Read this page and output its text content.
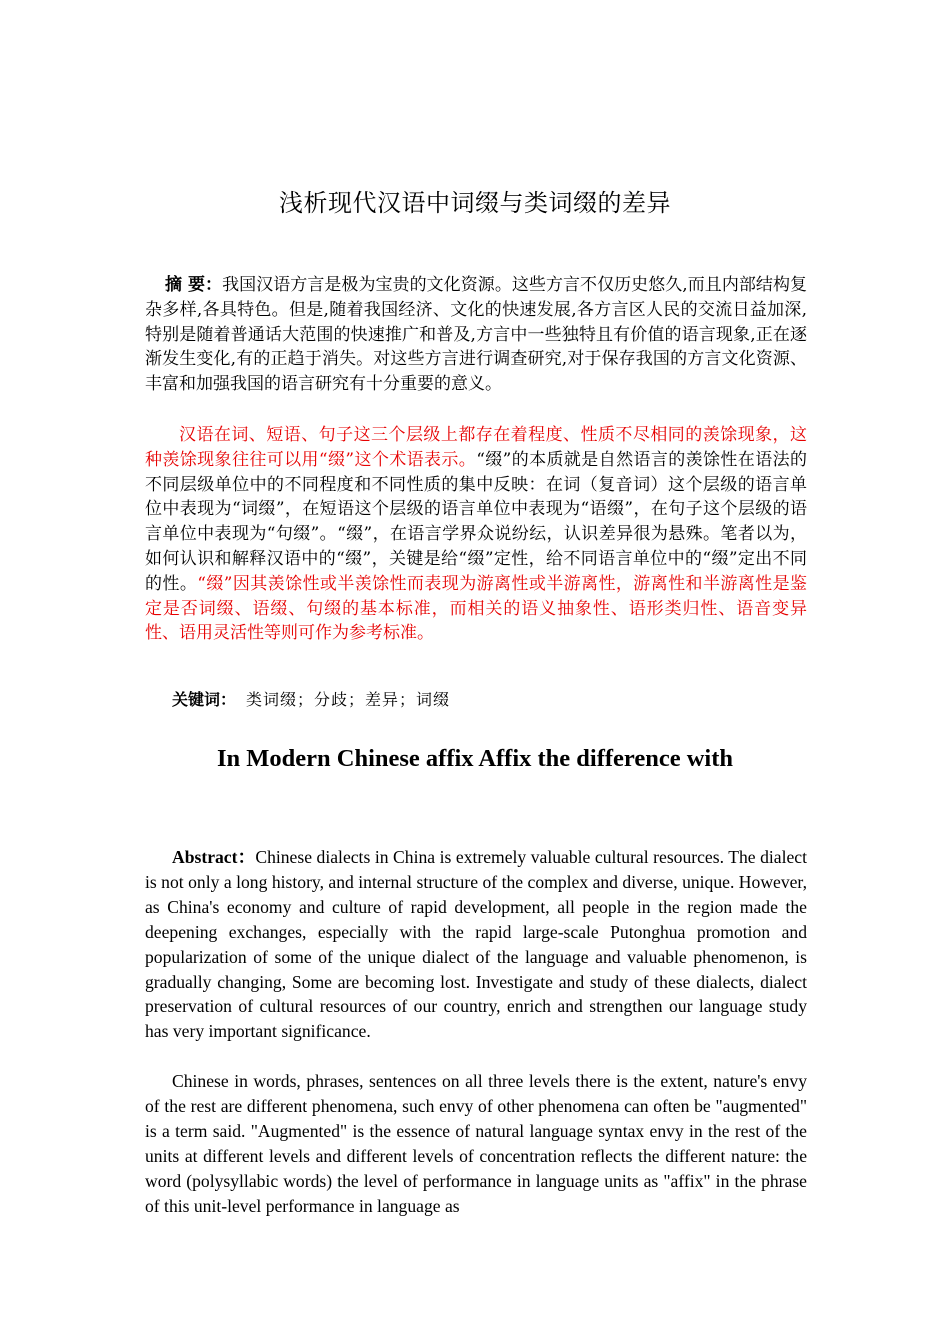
浅析现代汉语中词缀与类词缀的差异

摘 要：我国汉语方言是极为宝贵的文化资源。这些方言不仅历史悠久,而且内部结构复杂多样,各具特色。但是,随着我国经济、文化的快速发展,各方言区人民的交流日益加深,特别是随着普通话大范围的快速推广和普及,方言中一些独特且有价值的语言现象,正在逐渐发生变化,有的正趋于消失。对这些方言进行调查研究,对于保存我国的方言文化资源、丰富和加强我国的语言研究有十分重要的意义。

汉语在词、短语、句子这三个层级上都存在着程度、性质不尽相同的羡馀现象，这种羡馀现象往往可以用“缀”这个术语表示。“缀”的本质就是自然语言的羡馀性在语法的不同层级单位中的不同程度和不同性质的集中反映：在词（复音词）这个层级的语言单位中表现为“词缀”，在短语这个层级的语言单位中表现为“语缀”，在句子这个层级的语言单位中表现为“句缀”。“缀”，在语言学界众说纷纭，认识差异很为悬殊。笔者以为，如何认识和解释汉语中的“缀”，关键是给“缀”定性，给不同语言单位中的“缀”定出不同的性。“缀”因其羡馀性或半羡馀性而表现为游离性或半游离性，游离性和半游离性是鉴定是否词缀、语缀、句缀的基本标准，而相关的语义抽象性、语形类归性、语音变异性、语用灵活性等则可作为参考标准。

关键词： 类词缀；分歧；差异；词缀
In Modern Chinese affix Affix the difference with

Abstract：Chinese dialects in China is extremely valuable cultural resources. The dialect is not only a long history, and internal structure of the complex and diverse, unique. However, as China's economy and culture of rapid development, all people in the region made the deepening exchanges, especially with the rapid large-scale Putonghua promotion and popularization of some of the unique dialect of the language and valuable phenomenon, is gradually changing, Some are becoming lost. Investigate and study of these dialects, dialect preservation of cultural resources of our country, enrich and strengthen our language study has very important significance.

Chinese in words, phrases, sentences on all three levels there is the extent, nature's envy of the rest are different phenomena, such envy of other phenomena can often be "augmented" is a term said. "Augmented" is the essence of natural language syntax envy in the rest of the units at different levels and different levels of concentration reflects the different nature: the word (polysyllabic words) the level of performance in language units as "affix" in the phrase of this unit-level performance in language as
